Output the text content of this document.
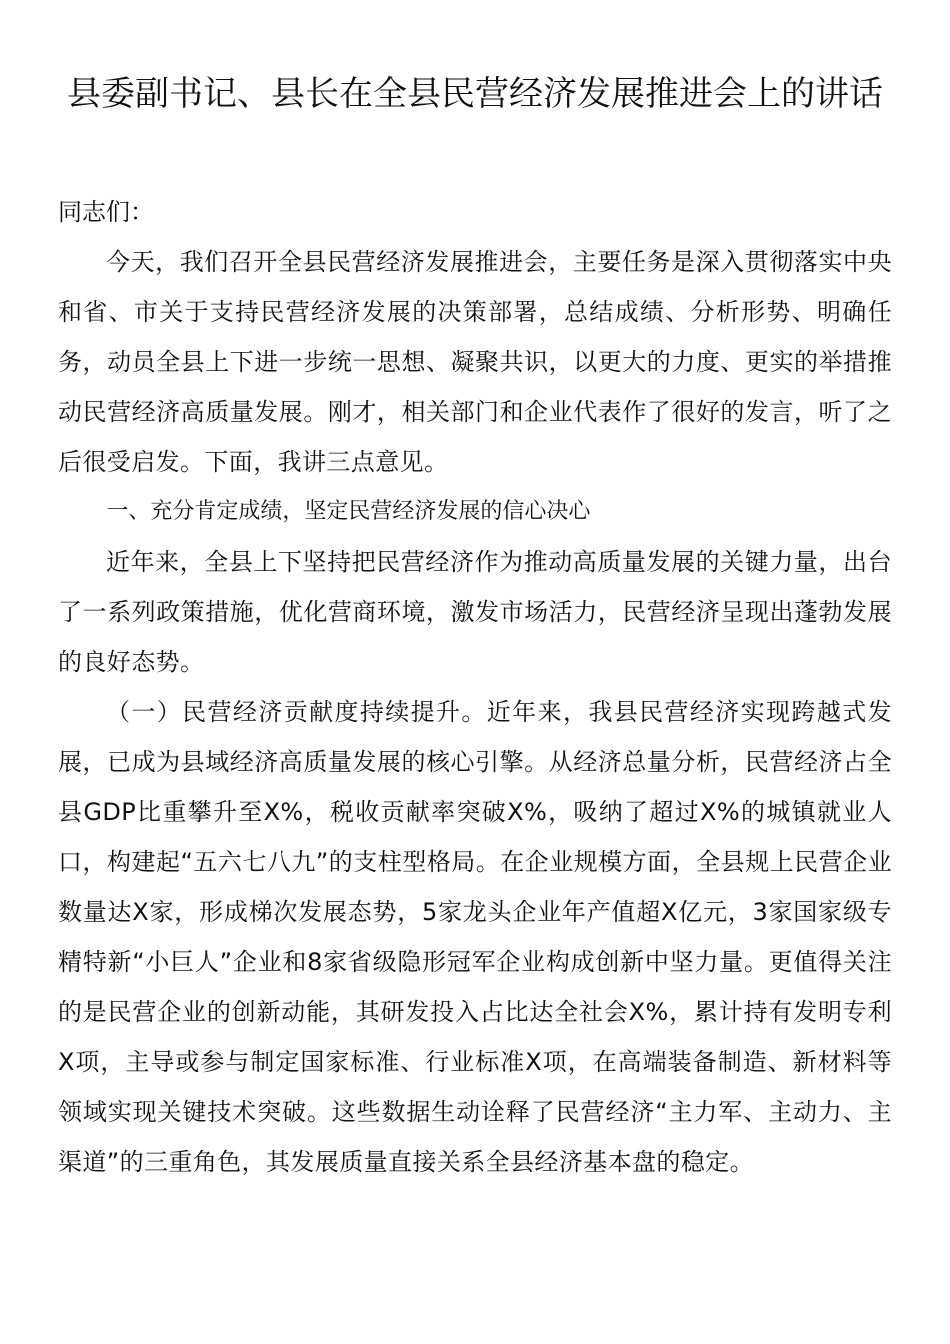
县委副书记、县长在全县民营经济发展推进会上的讲话

同志们：

今天，我们召开全县民营经济发展推进会，主要任务是深入贯彻落实中央和省、市关于支持民营经济发展的决策部署，总结成绩、分析形势、明确任务，动员全县上下进一步统一思想、凝聚共识，以更大的力度、更实的举措推动民营经济高质量发展。刚才，相关部门和企业代表作了很好的发言，听了之后很受启发。下面，我讲三点意见。

一、充分肯定成绩，坚定民营经济发展的信心决心

近年来，全县上下坚持把民营经济作为推动高质量发展的关键力量，出台了一系列政策措施，优化营商环境，激发市场活力，民营经济呈现出蓬勃发展的良好态势。

（一）民营经济贡献度持续提升。近年来，我县民营经济实现跨越式发展，已成为县域经济高质量发展的核心引擎。从经济总量分析，民营经济占全县GDP比重攀升至X%，税收贡献率突破X%，吸纳了超过X%的城镇就业人口，构建起“五六七八九”的支柱型格局。在企业规模方面，全县规上民营企业数量达X家，形成梯次发展态势，5家龙头企业年产值超X亿元，3家国家级专精特新“小巨人”企业和8家省级隐形冠军企业构成创新中坚力量。更值得关注的是民营企业的创新动能，其研发投入占比达全社会X%，累计持有发明专利X项，主导或参与制定国家标准、行业标准X项，在高端装备制造、新材料等领域实现关键技术突破。这些数据生动诠释了民营经济“主力军、主动力、主渠道”的三重角色，其发展质量直接关系全县经济基本盘的稳定。
